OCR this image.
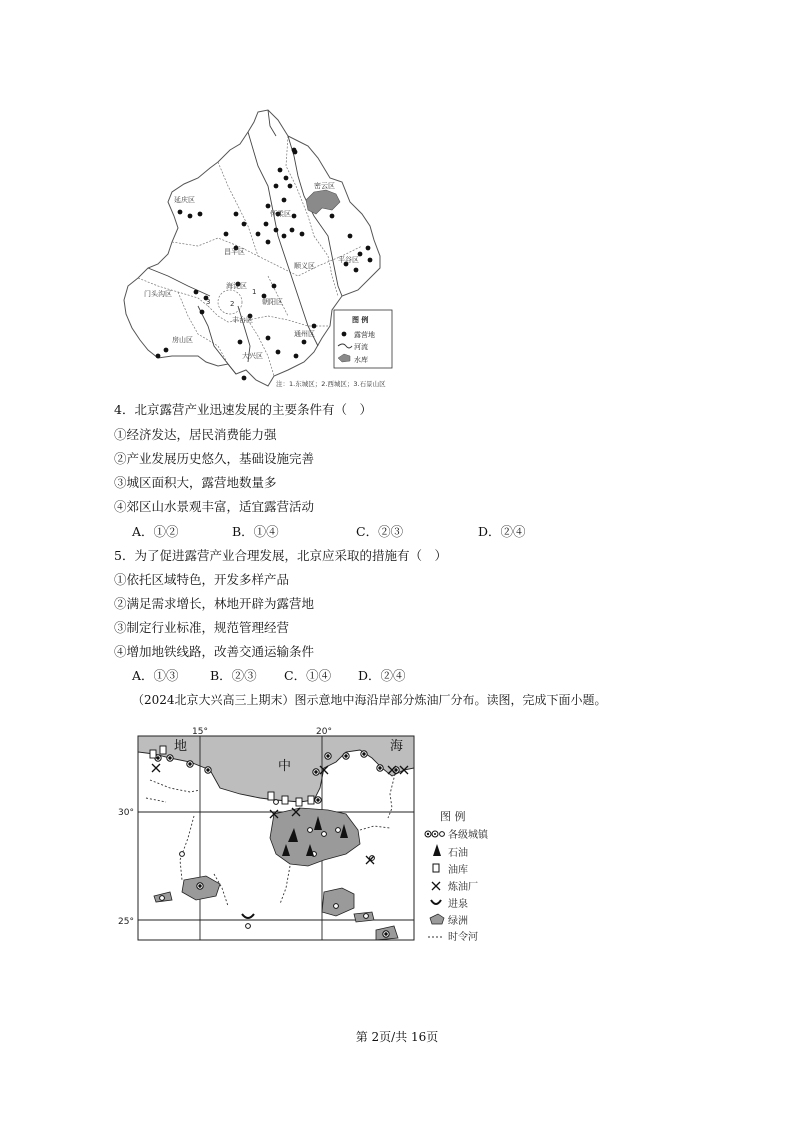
延庆区
密云区
怀柔区
昌平区
顺义区
平谷区
门头沟区
海淀区
朝阳区
丰台区
房山区
通州区
大兴区
1
2
3
图 例
露营地
河流
水库
注：1.东城区；2.西城区；3.石景山区
4．北京露营产业迅速发展的主要条件有（　）
①经济发达，居民消费能力强
②产业发展历史悠久，基础设施完善
③城区面积大，露营地数量多
④郊区山水景观丰富，适宜露营活动
A．①②	B．①④	C．②③	D．②④
5．为了促进露营产业合理发展，北京应采取的措施有（　）
①依托区域特色，开发多样产品
②满足需求增长，林地开辟为露营地
③制定行业标准，规范管理经营
④增加地铁线路，改善交通运输条件
A．①③	B．②③ C．①④ D．②④
（2024北京大兴高三上期末）图示意地中海沿岸部分炼油厂分布。读图，完成下面小题。
15°	20°
30°
25°
地
中
海
图 例
各级城镇
石油
油库
炼油厂
进泉
绿洲
时令河
第 2页/共 16页
